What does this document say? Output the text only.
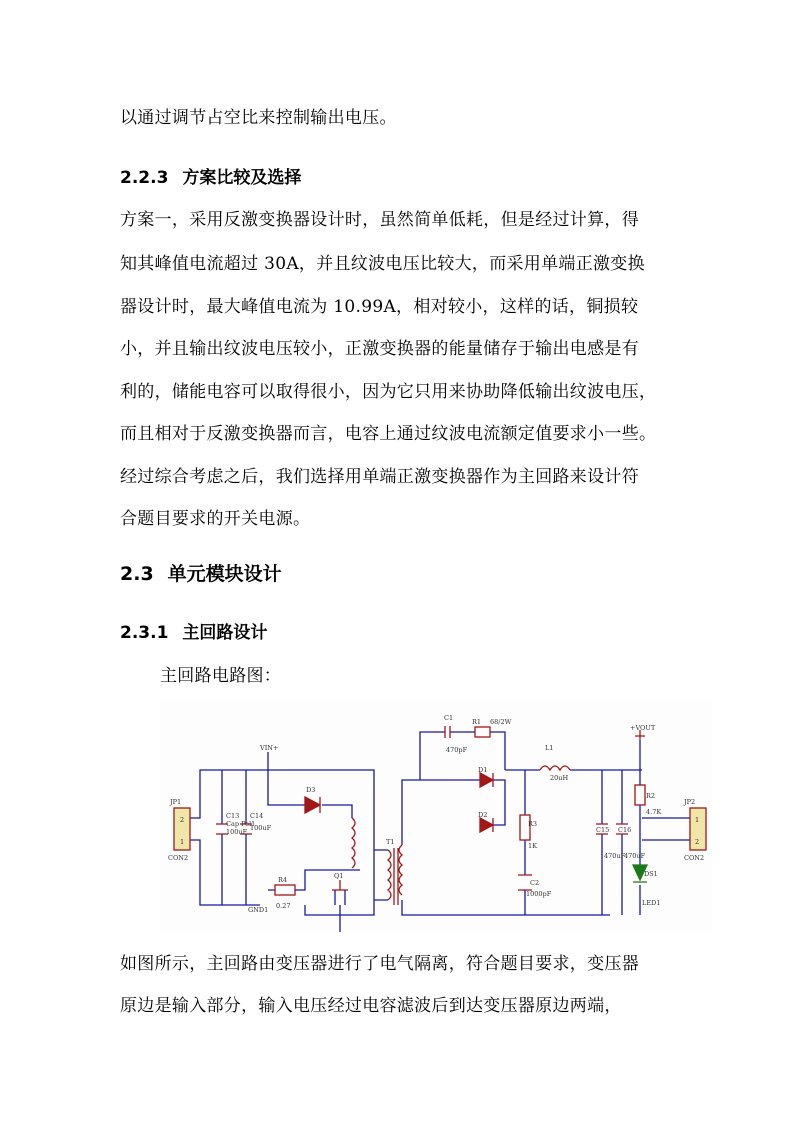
以通过调节占空比来控制输出电压。
2.2.3 方案比较及选择
方案一，采用反激变换器设计时，虽然简单低耗，但是经过计算，得
知其峰值电流超过 30A，并且纹波电压比较大，而采用单端正激变换
器设计时，最大峰值电流为 10.99A，相对较小，这样的话，铜损较
小，并且输出纹波电压较小，正激变换器的能量储存于输出电感是有
利的，储能电容可以取得很小，因为它只用来协助降低输出纹波电压，
而且相对于反激变换器而言，电容上通过纹波电流额定值要求小一些。
经过综合考虑之后，我们选择用单端正激变换器作为主回路来设计符
合题目要求的开关电源。
2.3 单元模块设计
2.3.1 主回路设计
主回路电路图：
JP1
2
1
CON2
C13
Cap Pol1
100uF
C14
100uF
VIN+
GND1
D3
T1
R4
0.27
Q1
C1
470pF
R1 68/2W
D1
D2
R3
1K
C2
1000pF
L1
20uH
C15
470uF
C16
470uF
+VOUT
R2
4.7K
DS1
LED1
JP2
1
2
CON2
如图所示，主回路由变压器进行了电气隔离，符合题目要求，变压器
原边是输入部分，输入电压经过电容滤波后到达变压器原边两端，
